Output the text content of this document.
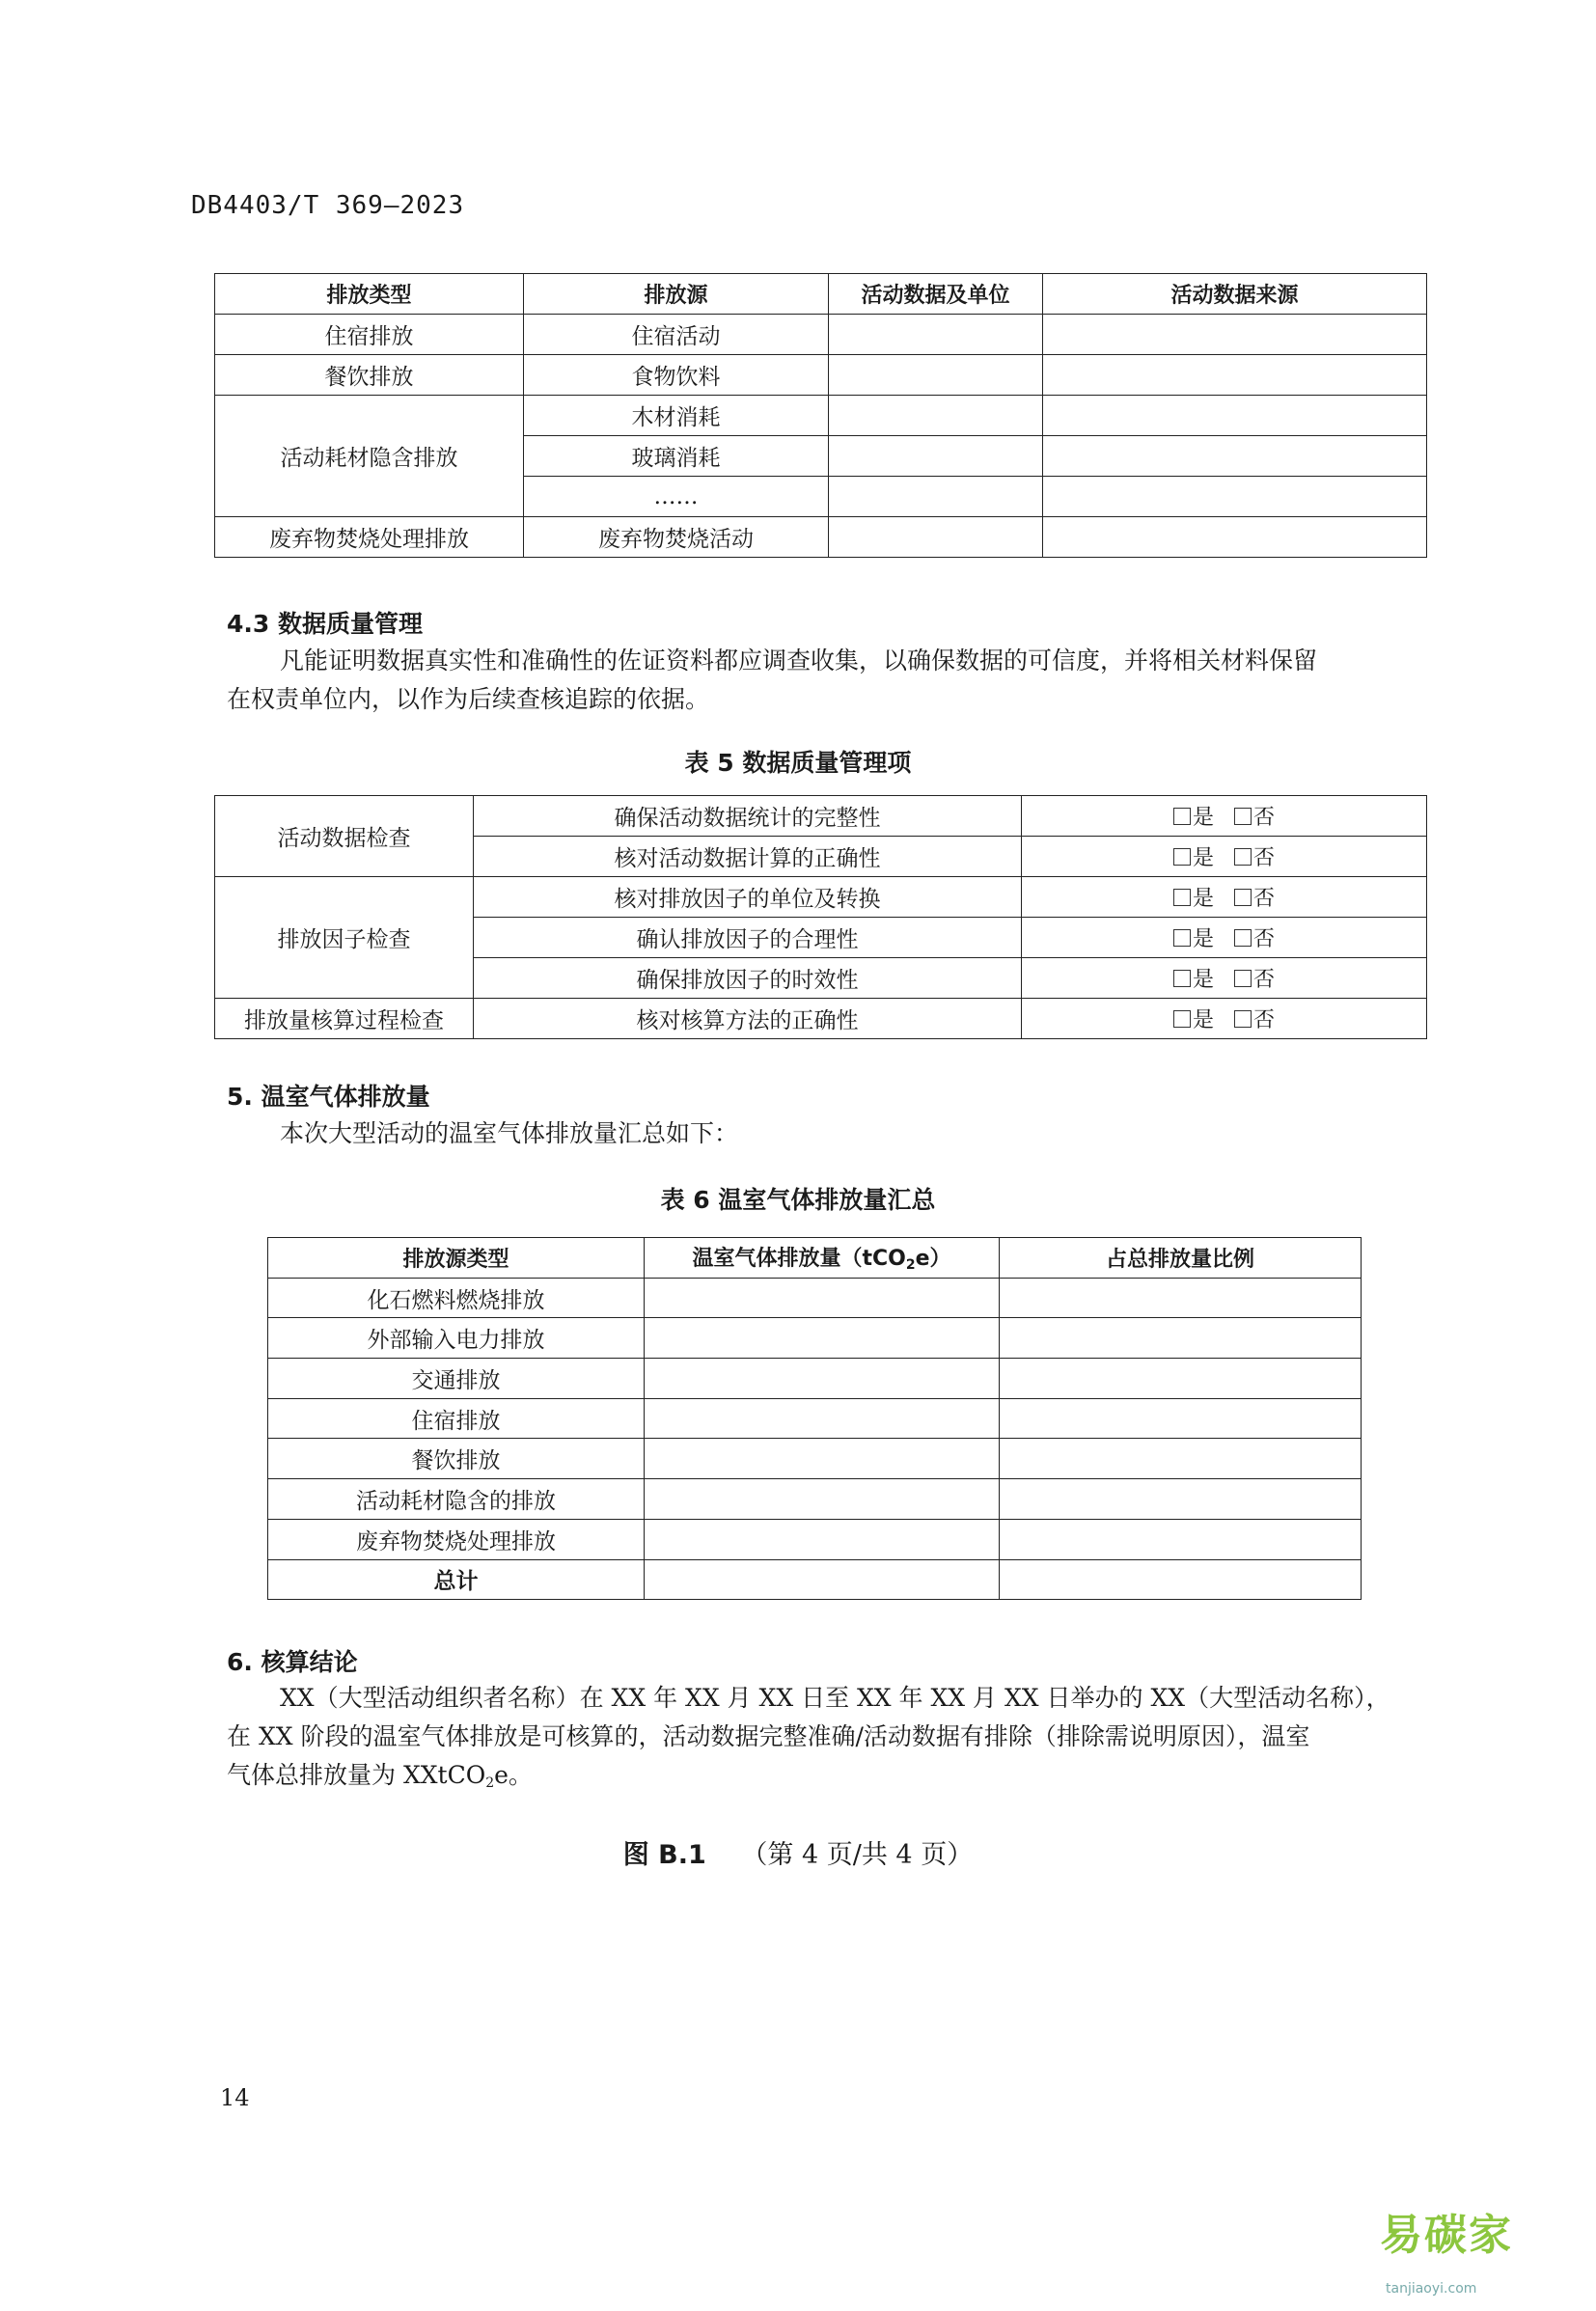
DB4403/T 369—2023
排放类型	排放源	活动数据及单位	活动数据来源
住宿排放	住宿活动		
餐饮排放	食物饮料		
活动耗材隐含排放	木材消耗		
	玻璃消耗		
	……		
废弃物焚烧处理排放	废弃物焚烧活动		
4.3 数据质量管理
凡能证明数据真实性和准确性的佐证资料都应调查收集，以确保数据的可信度，并将相关材料保留
在权责单位内，以作为后续查核追踪的依据。
表 5 数据质量管理项
活动数据检查	确保活动数据统计的完整性	是 否
	核对活动数据计算的正确性	是 否
排放因子检查	核对排放因子的单位及转换	是 否
	确认排放因子的合理性	是 否
	确保排放因子的时效性	是 否
排放量核算过程检查	核对核算方法的正确性	是 否
5. 温室气体排放量
本次大型活动的温室气体排放量汇总如下：
表 6 温室气体排放量汇总
排放源类型	温室气体排放量（tCO$_2$e）	占总排放量比例
化石燃料燃烧排放		
外部输入电力排放		
交通排放		
住宿排放		
餐饮排放		
活动耗材隐含的排放		
废弃物焚烧处理排放		
总计		
6. 核算结论
XX（大型活动组织者名称）在 XX 年 XX 月 XX 日至 XX 年 XX 月 XX 日举办的 XX（大型活动名称），
在 XX 阶段的温室气体排放是可核算的，活动数据完整准确/活动数据有排除（排除需说明原因），温室
气体总排放量为 XXtCO$_2$e。
图 B.1 （第 4 页/共 4 页）
14
易碳家tanjiaoyi.com
